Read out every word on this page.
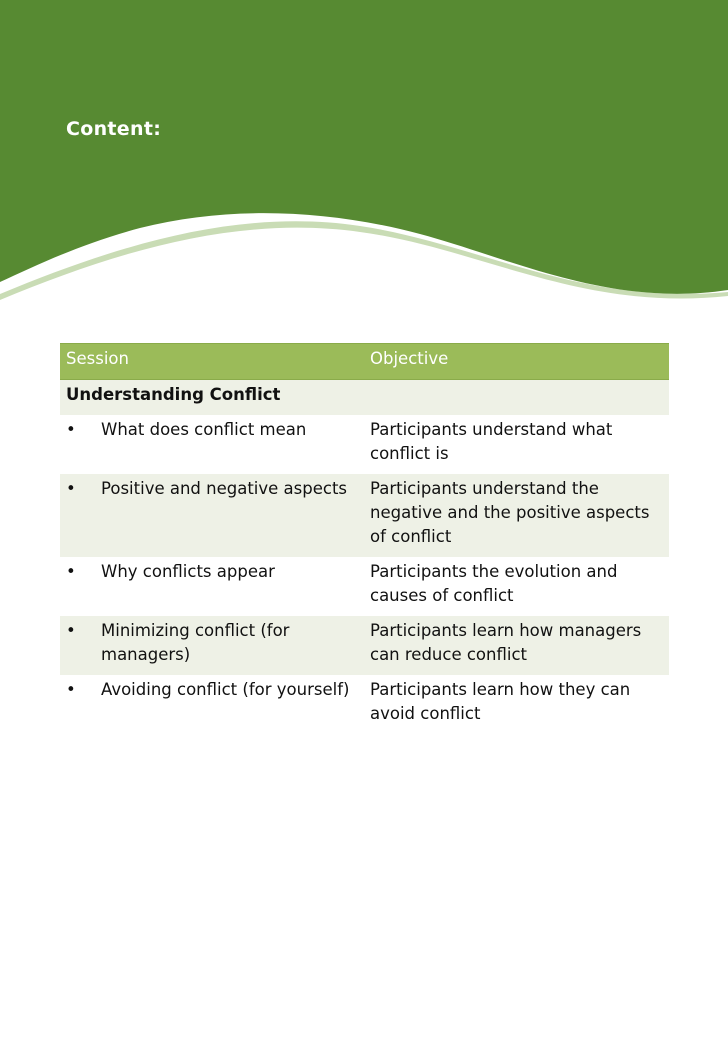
Content:
Session	Objective
Understanding Conflict	

• What does conflict mean	Participants understand what conflict is

• Positive and negative aspects	Participants understand the negative and the positive aspects of conflict

• Why conflicts appear	Participants the evolution and causes of conflict

• Minimizing conflict (for managers)	Participants learn how managers can reduce conflict

• Avoiding conflict (for yourself)	Participants learn how they can avoid conflict
